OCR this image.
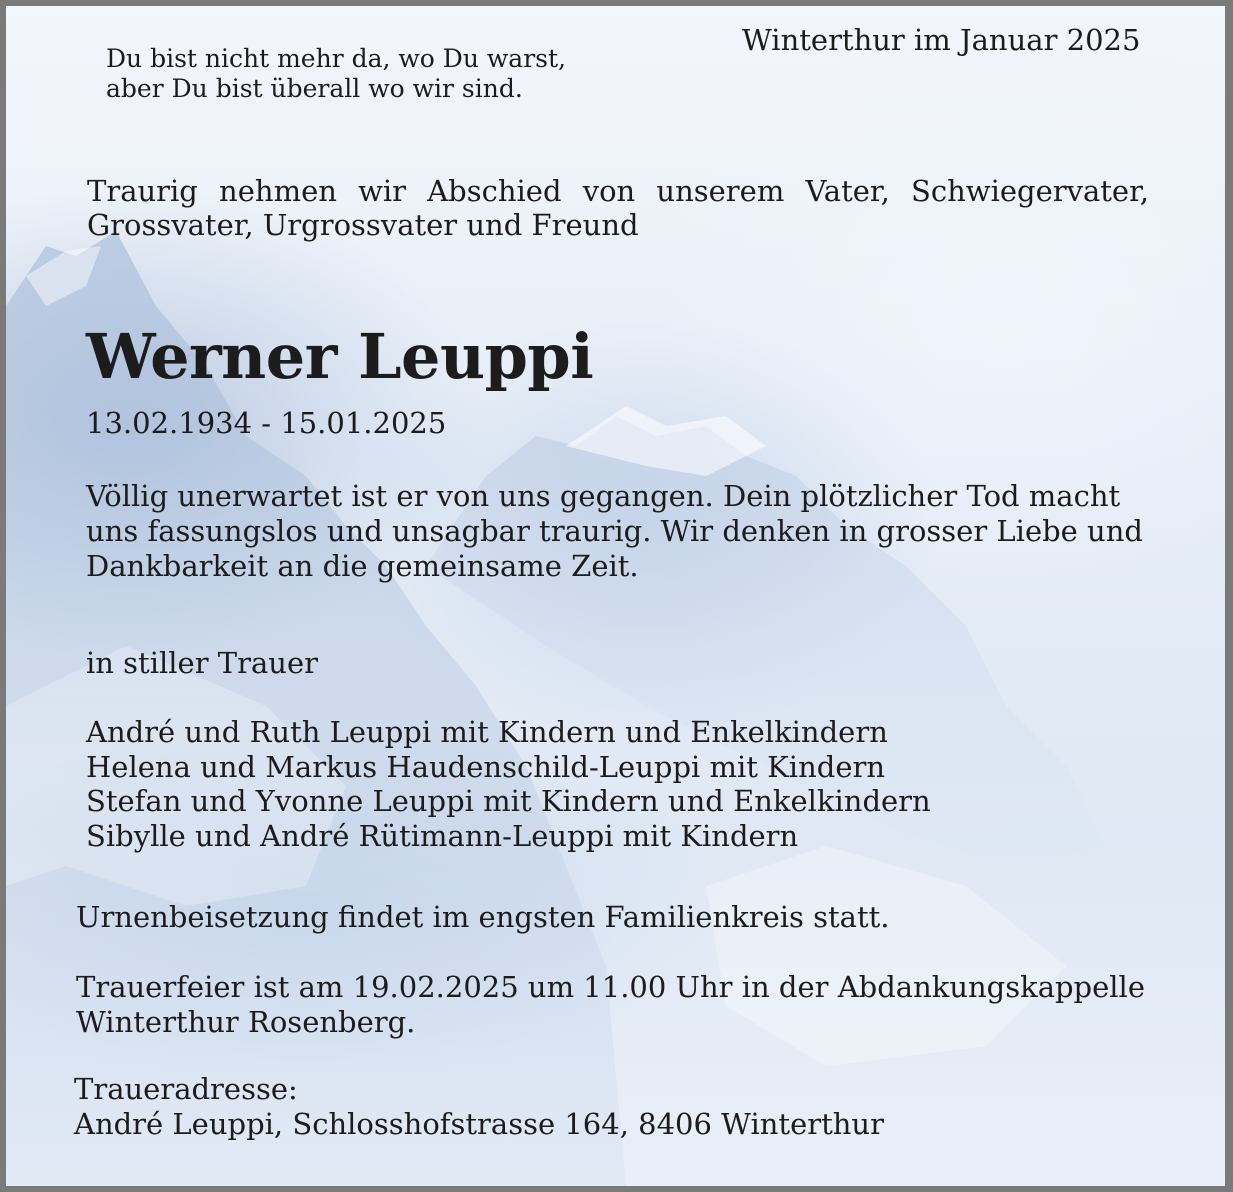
Du bist nicht mehr da, wo Du warst,
aber Du bist überall wo wir sind.

Winterthur im Januar 2025

Traurig nehmen wir Abschied von unserem Vater, Schwiegervater, Grossvater, Urgrossvater und Freund

Werner Leuppi

13.02.1934 - 15.01.2025

Völlig unerwartet ist er von uns gegangen. Dein plötzlicher Tod macht
uns fassungslos und unsagbar traurig. Wir denken in grosser Liebe und
Dankbarkeit an die gemeinsame Zeit.

in stiller Trauer

André und Ruth Leuppi mit Kindern und Enkelkindern
Helena und Markus Haudenschild-Leuppi mit Kindern
Stefan und Yvonne Leuppi mit Kindern und Enkelkindern
Sibylle und André Rütimann-Leuppi mit Kindern

Urnenbeisetzung findet im engsten Familienkreis statt.

Trauerfeier ist am 19.02.2025 um 11.00 Uhr in der Abdankungskappelle
Winterthur Rosenberg.

Traueradresse:
André Leuppi, Schlosshofstrasse 164, 8406 Winterthur
